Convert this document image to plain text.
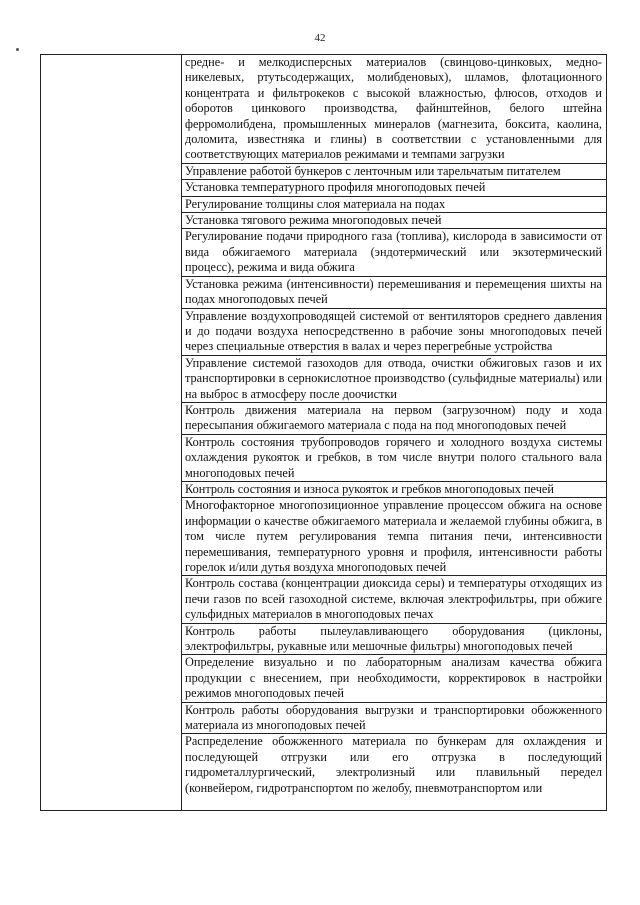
42
	средне- и мелкодисперсных материалов (свинцово-цинковых, медно-никелевых, ртутьсодержащих, молибденовых), шламов, флотационного концентрата и фильтрокеков с высокой влажностью, флюсов, отходов и оборотов цинкового производства, файнштейнов, белого штейна ферромолибдена, промышленных минералов (магнезита, боксита, каолина, доломита, известняка и глины) в соответствии с установленными для соответствующих материалов режимами и темпами загрузки
Управление работой бункеров с ленточным или тарельчатым питателем
Установка температурного профиля многоподовых печей
Регулирование толщины слоя материала на подах
Установка тягового режима многоподовых печей
Регулирование подачи природного газа (топлива), кислорода в зависимости от вида обжигаемого материала (эндотермический или экзотермический процесс), режима и вида обжига
Установка режима (интенсивности) перемешивания и перемещения шихты на подах многоподовых печей
Управление воздухопроводящей системой от вентиляторов среднего давления и до подачи воздуха непосредственно в рабочие зоны многоподовых печей через специальные отверстия в валах и через перегребные устройства
Управление системой газоходов для отвода, очистки обжиговых газов и их транспортировки в сернокислотное производство (сульфидные материалы) или на выброс в атмосферу после доочистки
Контроль движения материала на первом (загрузочном) поду и хода пересыпания обжигаемого материала с пода на под многоподовых печей
Контроль состояния трубопроводов горячего и холодного воздуха системы охлаждения рукояток и гребков, в том числе внутри полого стального вала многоподовых печей
Контроль состояния и износа рукояток и гребков многоподовых печей
Многофакторное многопозиционное управление процессом обжига на основе информации о качестве обжигаемого материала и желаемой глубины обжига, в том числе путем регулирования темпа питания печи, интенсивности перемешивания, температурного уровня и профиля, интенсивности работы горелок и/или дутья воздуха многоподовых печей
Контроль состава (концентрации диоксида серы) и температуры отходящих из печи газов по всей газоходной системе, включая электрофильтры, при обжиге сульфидных материалов в многоподовых печах
Контроль работы пылеулавливающего оборудования (циклоны, электрофильтры, рукавные или мешочные фильтры) многоподовых печей
Определение визуально и по лабораторным анализам качества обжига продукции с внесением, при необходимости, корректировок в настройки режимов многоподовых печей
Контроль работы оборудования выгрузки и транспортировки обожженного материала из многоподовых печей
Распределение обожженного материала по бункерам для охлаждения и последующей отгрузки или его отгрузка в последующий гидрометаллургический, электролизный или плавильный передел (конвейером, гидротранспортом по желобу, пневмотранспортом или
